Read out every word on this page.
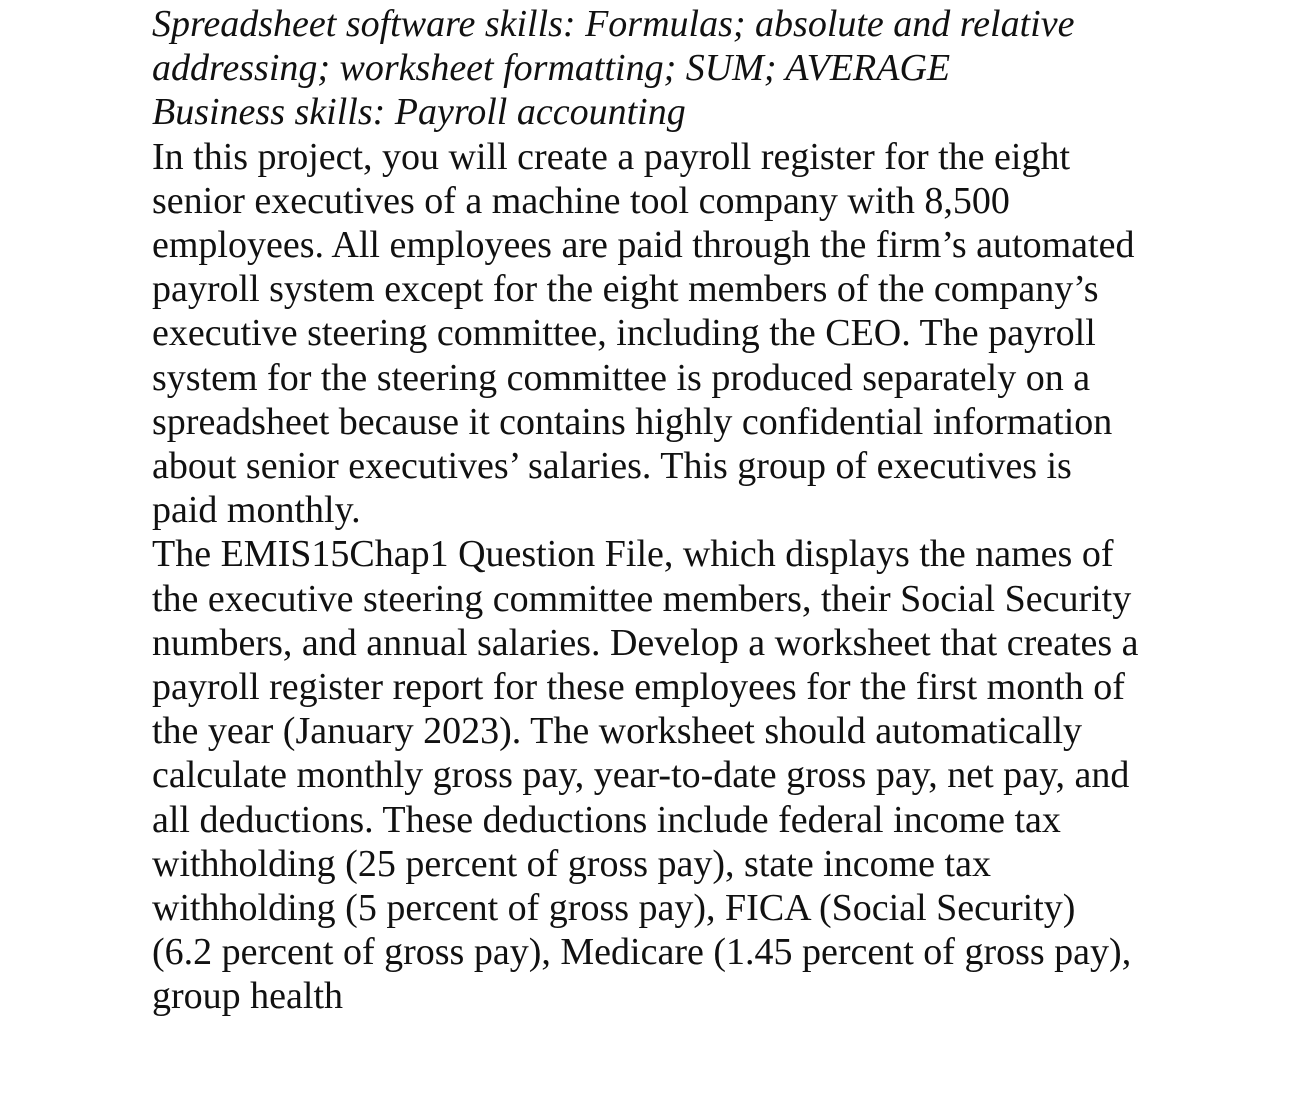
Spreadsheet software skills: Formulas; absolute and relative
addressing; worksheet formatting; SUM; AVERAGE
Business skills: Payroll accounting
In this project, you will create a payroll register for the eight
senior executives of a machine tool company with 8,500
employees. All employees are paid through the firm’s automated
payroll system except for the eight members of the company’s
executive steering committee, including the CEO. The payroll
system for the steering committee is produced separately on a
spreadsheet because it contains highly confidential information
about senior executives’ salaries. This group of executives is
paid monthly.
The EMIS15Chap1 Question File, which displays the names of
the executive steering committee members, their Social Security
numbers, and annual salaries. Develop a worksheet that creates a
payroll register report for these employees for the first month of
the year (January 2023). The worksheet should automatically
calculate monthly gross pay, year-to-date gross pay, net pay, and
all deductions. These deductions include federal income tax
withholding (25 percent of gross pay), state income tax
withholding (5 percent of gross pay), FICA (Social Security)
(6.2 percent of gross pay), Medicare (1.45 percent of gross pay),
group health
